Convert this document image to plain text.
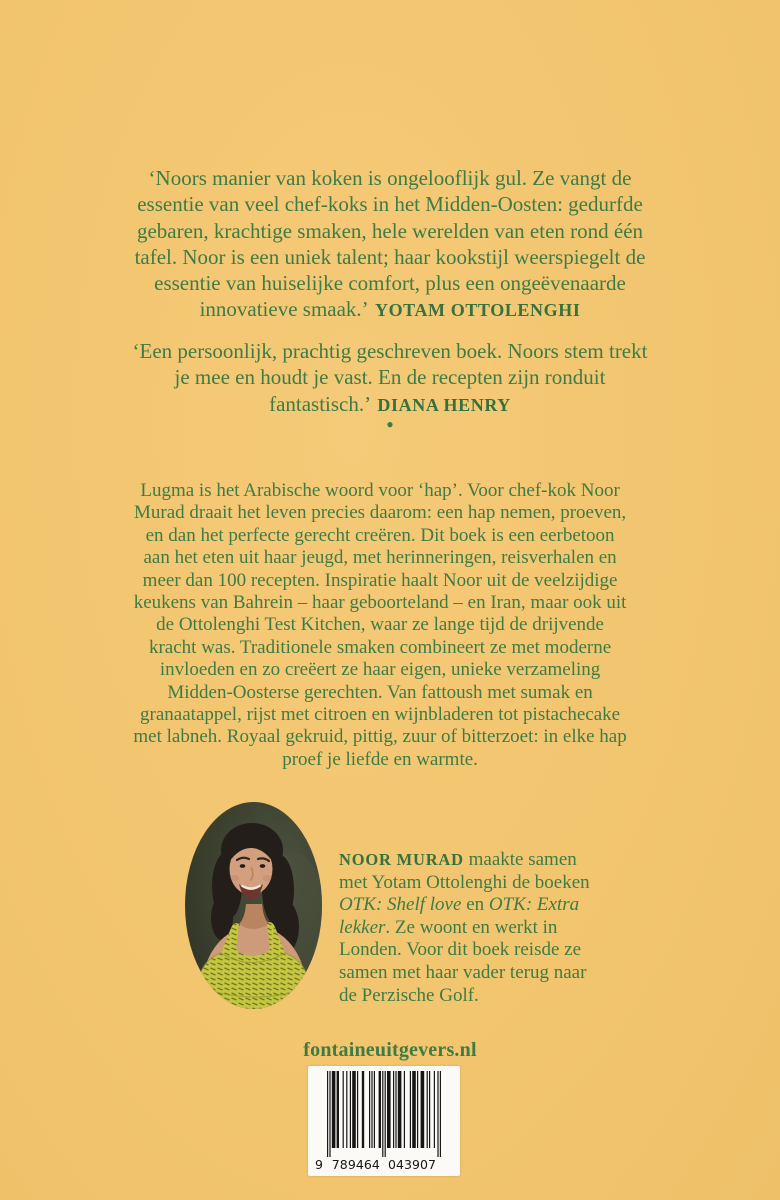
‘Noors manier van koken is ongelooflijk gul. Ze vangt de essentie van veel chef-koks in het Midden-Oosten: gedurfde gebaren, krachtige smaken, hele werelden van eten rond één tafel. Noor is een uniek talent; haar kookstijl weerspiegelt de essentie van huiselijke comfort, plus een ongeëvenaarde innovatieve smaak.’ YOTAM OTTOLENGHI

‘Een persoonlijk, prachtig geschreven boek. Noors stem trekt je mee en houdt je vast. En de recepten zijn ronduit fantastisch.’ DIANA HENRY

•

Lugma is het Arabische woord voor ‘hap’. Voor chef-kok Noor Murad draait het leven precies daarom: een hap nemen, proeven, en dan het perfecte gerecht creëren. Dit boek is een eerbetoon aan het eten uit haar jeugd, met herinneringen, reisverhalen en meer dan 100 recepten. Inspiratie haalt Noor uit de veelzijdige keukens van Bahrein – haar geboorteland – en Iran, maar ook uit de Ottolenghi Test Kitchen, waar ze lange tijd de drijvende kracht was. Traditionele smaken combineert ze met moderne invloeden en zo creëert ze haar eigen, unieke verzameling Midden-Oosterse gerechten. Van fattoush met sumak en granaatappel, rijst met citroen en wijnbladeren tot pistachecake met labneh. Royaal gekruid, pittig, zuur of bitterzoet: in elke hap proef je liefde en warmte.

NOOR MURAD maakte samen met Yotam Ottolenghi de boeken OTK: Shelf love en OTK: Extra lekker. Ze woont en werkt in Londen. Voor dit boek reisde ze samen met haar vader terug naar de Perzische Golf.

fontaineuitgevers.nl
9 789464 043907
